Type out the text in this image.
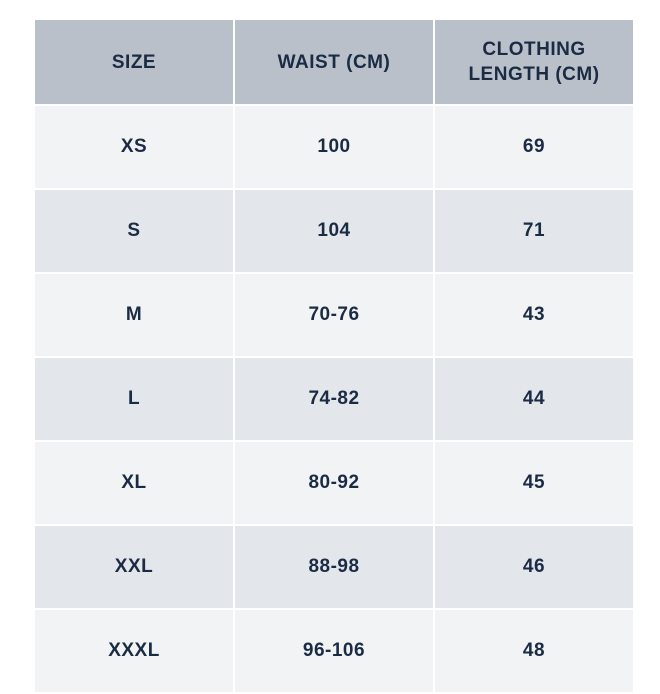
SIZE	WAIST (CM)	CLOTHING LENGTH (CM)
XS	100	69
S	104	71
M	70-76	43
L	74-82	44
XL	80-92	45
XXL	88-98	46
XXXL	96-106	48
